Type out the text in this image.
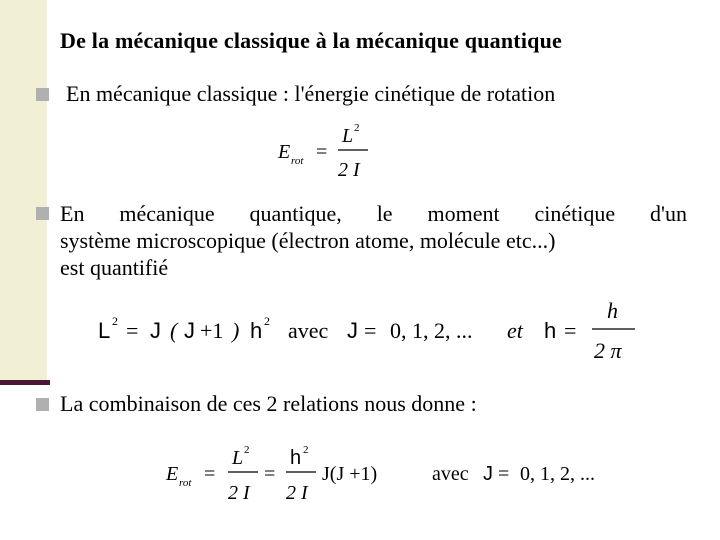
De la mécanique classique à la mécanique quantique
En mécanique classique : l'énergie cinétique de rotation
E rot =
L 2
2 I
En mécanique quantique, le moment cinétique d'un
système microscopique (électron atome, molécule etc...)
est quantifié
L 2 = J ( J +1 ) h 2 avec J = 0, 1, 2, ... et h =
h
2 π
La combinaison de ces 2 relations nous donne :
E rot =
L 2
2 I
=
h 2
2 I
J(J +1)	avec J = 0, 1, 2, ...
